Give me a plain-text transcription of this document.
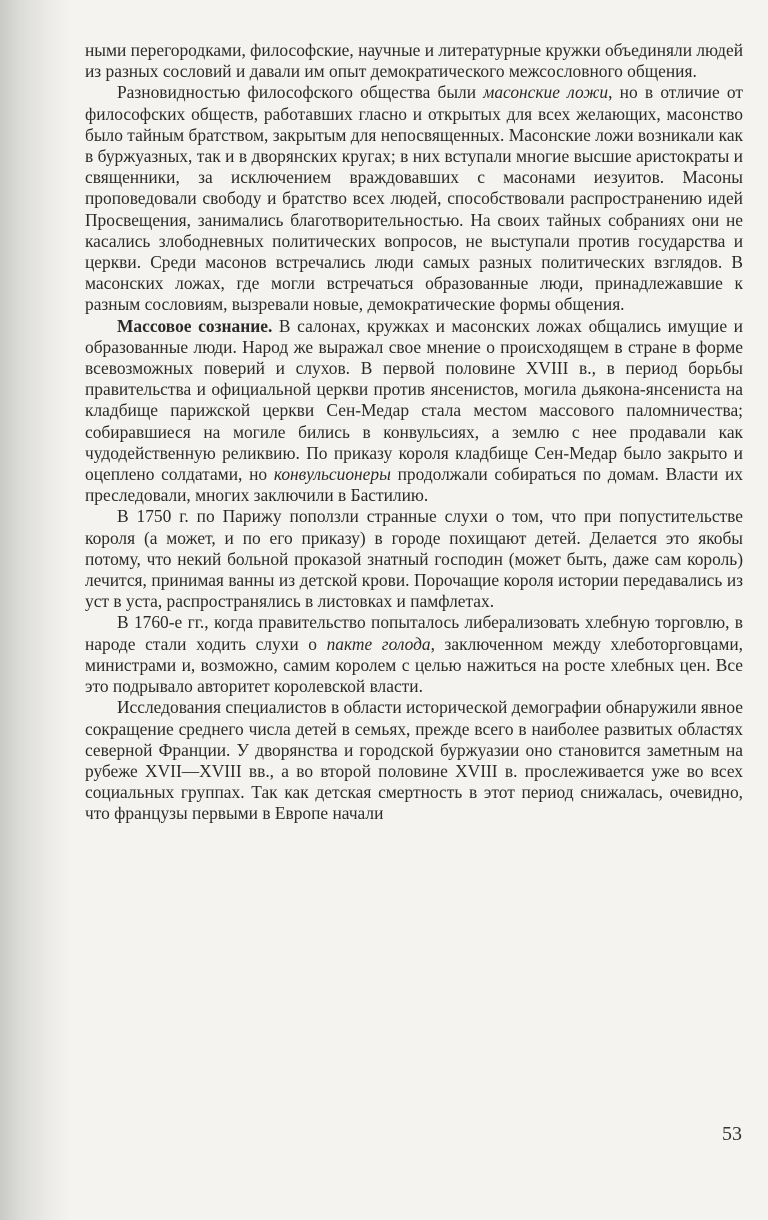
ными перегородками, философские, научные и литературные кружки объединяли людей из разных сословий и давали им опыт демократического межсословного общения.

Разновидностью философского общества были масонские ложи, но в отличие от философских обществ, работавших гласно и открытых для всех желающих, масонство было тайным братством, закрытым для непосвященных. Масонские ложи возникали как в буржуазных, так и в дворянских кругах; в них вступали многие высшие аристократы и священники, за исключением враждовавших с масонами иезуитов. Масоны проповедовали свободу и братство всех людей, способствовали распространению идей Просвещения, занимались благотворительностью. На своих тайных собраниях они не касались злободневных политических вопросов, не выступали против государства и церкви. Среди масонов встречались люди самых разных политических взглядов. В масонских ложах, где могли встречаться образованные люди, принадлежавшие к разным сословиям, вызревали новые, демократические формы общения.

Массовое сознание. В салонах, кружках и масонских ложах общались имущие и образованные люди. Народ же выражал свое мнение о происходящем в стране в форме всевозможных поверий и слухов. В первой половине XVIII в., в период борьбы правительства и официальной церкви против янсенистов, могила дьякона-янсениста на кладбище парижской церкви Сен-Медар стала местом массового паломничества; собиравшиеся на могиле бились в конвульсиях, а землю с нее продавали как чудодейственную реликвию. По приказу короля кладбище Сен-Медар было закрыто и оцеплено солдатами, но конвульсионеры продолжали собираться по домам. Власти их преследовали, многих заключили в Бастилию.

В 1750 г. по Парижу поползли странные слухи о том, что при попустительстве короля (а может, и по его приказу) в городе похищают детей. Делается это якобы потому, что некий больной проказой знатный господин (может быть, даже сам король) лечится, принимая ванны из детской крови. Порочащие короля истории передавались из уст в уста, распространялись в листовках и памфлетах.

В 1760-е гг., когда правительство попыталось либерализовать хлебную торговлю, в народе стали ходить слухи о пакте голода, заключенном между хлеботорговцами, министрами и, возможно, самим королем с целью нажиться на росте хлебных цен. Все это подрывало авторитет королевской власти.

Исследования специалистов в области исторической демографии обнаружили явное сокращение среднего числа детей в семьях, прежде всего в наиболее развитых областях северной Франции. У дворянства и городской буржуазии оно становится заметным на рубеже XVII—XVIII вв., а во второй половине XVIII в. прослеживается уже во всех социальных группах. Так как детская смертность в этот период снижалась, очевидно, что французы первыми в Европе начали

53
